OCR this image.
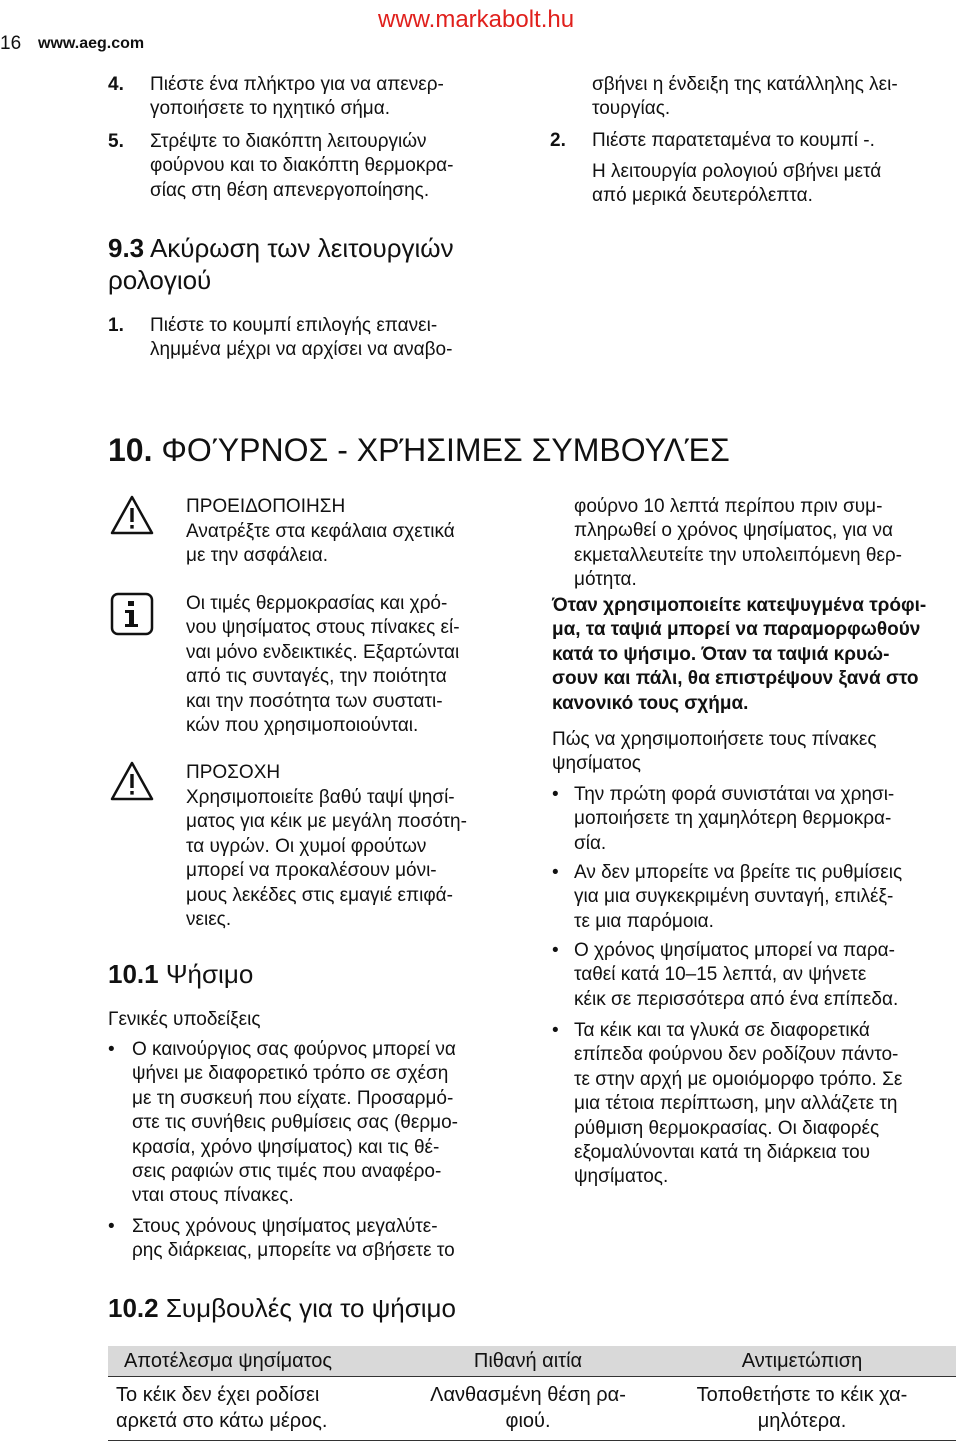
16 www.aeg.com
www.markabolt.hu
4. Πιέστε ένα πλήκτρο για να απενερ-
γοποιήσετε το ηχητικό σήμα.
5. Στρέψτε το διακόπτη λειτουργιών
φούρνου και το διακόπτη θερμοκρα-
σίας στη θέση απενεργοποίησης.
9.3 Ακύρωση των λειτουργιών
ρολογιού
1. Πιέστε το κουμπί επιλογής επανει-
λημμένα μέχρι να αρχίσει να αναβο-
σβήνει η ένδειξη της κατάλληλης λει-
τουργίας.
2. Πιέστε παρατεταμένα το κουμπί -.
Η λειτουργία ρολογιού σβήνει μετά
από μερικά δευτερόλεπτα.
10. ΦΟΎΡΝΟΣ - ΧΡΉΣΙΜΕΣ ΣΥΜΒΟΥΛΈΣ
ΠΡΟΕΙΔΟΠΟΙΗΣΗ
Ανατρέξτε στα κεφάλαια σχετικά
με την ασφάλεια.
Οι τιμές θερμοκρασίας και χρό-
νου ψησίματος στους πίνακες εί-
ναι μόνο ενδεικτικές. Εξαρτώνται
από τις συνταγές, την ποιότητα
και την ποσότητα των συστατι-
κών που χρησιμοποιούνται.
ΠΡΟΣΟΧΗ
Χρησιμοποιείτε βαθύ ταψί ψησί-
ματος για κέικ με μεγάλη ποσότη-
τα υγρών. Οι χυμοί φρούτων
μπορεί να προκαλέσουν μόνι-
μους λεκέδες στις εμαγιέ επιφά-
νειες.
10.1 Ψήσιμο
Γενικές υποδείξεις
• Ο καινούργιος σας φούρνος μπορεί να
ψήνει με διαφορετικό τρόπο σε σχέση
με τη συσκευή που είχατε. Προσαρμό-
στε τις συνήθεις ρυθμίσεις σας (θερμο-
κρασία, χρόνο ψησίματος) και τις θέ-
σεις ραφιών στις τιμές που αναφέρο-
νται στους πίνακες.
• Στους χρόνους ψησίματος μεγαλύτε-
ρης διάρκειας, μπορείτε να σβήσετε το
φούρνο 10 λεπτά περίπου πριν συμ-
πληρωθεί ο χρόνος ψησίματος, για να
εκμεταλλευτείτε την υπολειπόμενη θερ-
μότητα.
Όταν χρησιμοποιείτε κατεψυγμένα τρόφι-
μα, τα ταψιά μπορεί να παραμορφωθούν
κατά το ψήσιμο. Όταν τα ταψιά κρυώ-
σουν και πάλι, θα επιστρέψουν ξανά στο
κανονικό τους σχήμα.
Πώς να χρησιμοποιήσετε τους πίνακες
ψησίματος
• Την πρώτη φορά συνιστάται να χρησι-
μοποιήσετε τη χαμηλότερη θερμοκρα-
σία.
• Αν δεν μπορείτε να βρείτε τις ρυθμίσεις
για μια συγκεκριμένη συνταγή, επιλέξ-
τε μια παρόμοια.
• Ο χρόνος ψησίματος μπορεί να παρα-
ταθεί κατά 10–15 λεπτά, αν ψήνετε
κέικ σε περισσότερα από ένα επίπεδα.
• Τα κέικ και τα γλυκά σε διαφορετικά
επίπεδα φούρνου δεν ροδίζουν πάντο-
τε στην αρχή με ομοιόμορφο τρόπο. Σε
μια τέτοια περίπτωση, μην αλλάζετε τη
ρύθμιση θερμοκρασίας. Οι διαφορές
εξομαλύνονται κατά τη διάρκεια του
ψησίματος.
10.2 Συμβουλές για το ψήσιμο
Αποτέλεσμα ψησίματος	Πιθανή αιτία	Αντιμετώπιση
Το κέικ δεν έχει ροδίσει
αρκετά στο κάτω μέρος.	Λανθασμένη θέση ρα-
φιού.	Τοποθετήστε το κέικ χα-
μηλότερα.
